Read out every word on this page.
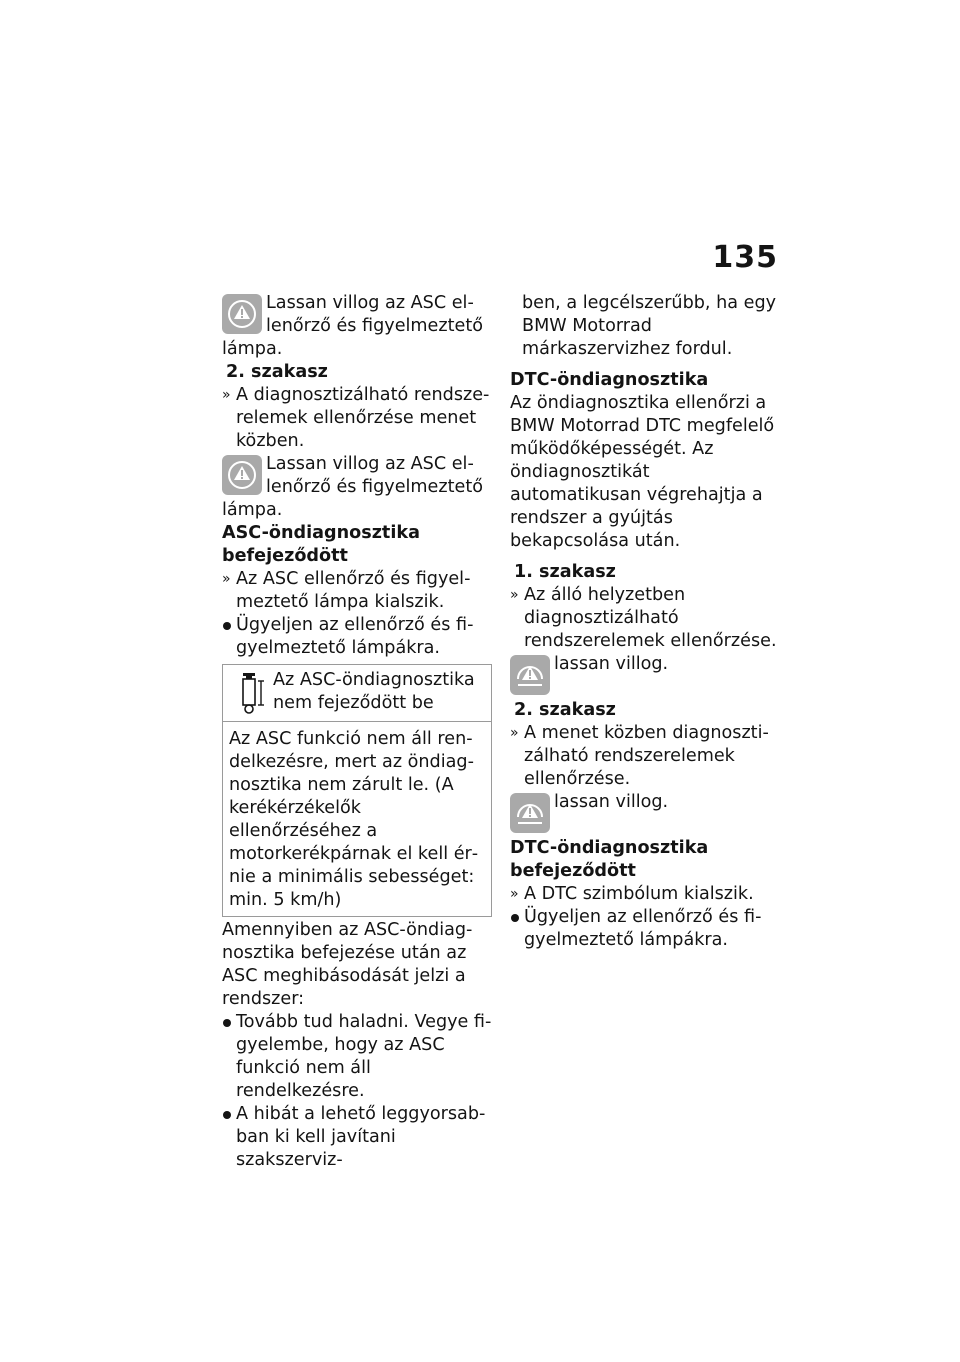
135
Lassan villog az ASC ellenőrző és figyelmeztető lámpa.

2. szakasz

» A diagnosztizálható rendszerelemek ellenőrzése menet közben.
Lassan villog az ASC ellenőrző és figyelmeztető lámpa.

ASC-öndiagnosztika befejeződött

» Az ASC ellenőrző és figyelmeztető lámpa kialszik.
Ügyeljen az ellenőrző és figyelmeztető lámpákra.
Az ASC-öndiagnosztika nem fejeződött be
Az ASC funkció nem áll rendelkezésre, mert az öndiagnosztika nem zárult le. (A kerékérzékelők ellenőrzéséhez a motorkerékpárnak el kell érnie a minimális sebességet: min. 5 km/h)

Amennyiben az ASC-öndiagnosztika befejezése után az ASC meghibásodását jelzi a rendszer:

Tovább tud haladni. Vegye figyelembe, hogy az ASC funkció nem áll rendelkezésre.
A hibát a lehető leggyorsabban ki kell javítani szakszerviz-

ben, a legcélszerűbb, ha egy BMW Motorrad márkaszervizhez fordul.

DTC-öndiagnosztika

Az öndiagnosztika ellenőrzi a BMW Motorrad DTC megfelelő működőképességét. Az öndiagnosztikát automatikusan végrehajtja a rendszer a gyújtás bekapcsolása után.

1. szakasz

» Az álló helyzetben diagnosztizálható rendszerelemek ellenőrzése.
lassan villog.

2. szakasz

» A menet közben diagnosztizálható rendszerelemek ellenőrzése.
lassan villog.

DTC-öndiagnosztika befejeződött

» A DTC szimbólum kialszik.
Ügyeljen az ellenőrző és figyelmeztető lámpákra.
